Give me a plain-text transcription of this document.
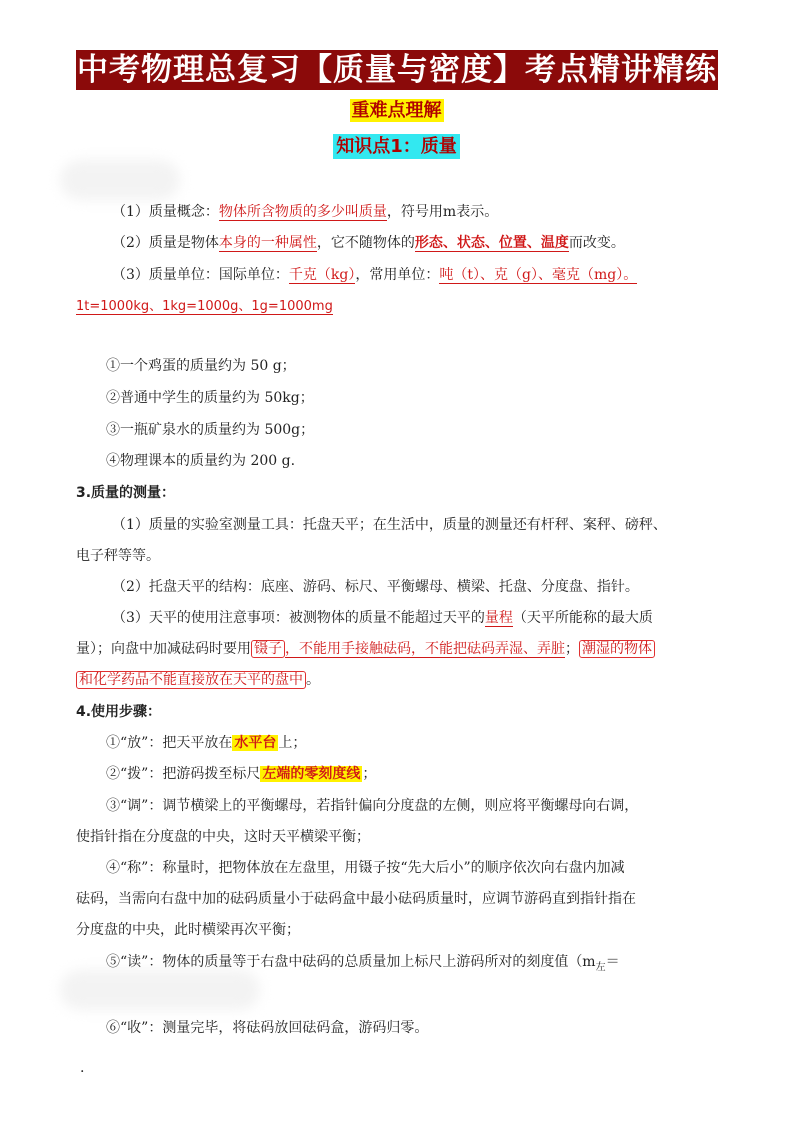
中考物理总复习【质量与密度】考点精讲精练
重难点理解
知识点1：质量
（1）质量概念：物体所含物质的多少叫质量，符号用m表示。
（2）质量是物体本身的一种属性，它不随物体的形态、状态、位置、温度而改变。
（3）质量单位：国际单位：千克（kg），常用单位：吨（t）、克（g）、毫克（mg）。
1t=1000kg、1kg=1000g、1g=1000mg
①一个鸡蛋的质量约为 50 g；
②普通中学生的质量约为 50kg；
③一瓶矿泉水的质量约为 500g；
④物理课本的质量约为 200 g.
3.质量的测量：
（1）质量的实验室测量工具：托盘天平；在生活中，质量的测量还有杆秤、案秤、磅秤、
电子秤等等。
（2）托盘天平的结构：底座、游码、标尺、平衡螺母、横梁、托盘、分度盘、指针。
（3）天平的使用注意事项：被测物体的质量不能超过天平的量程（天平所能称的最大质
量）；向盘中加减砝码时要用 镊子 ，不能用手接触砝码，不能把砝码弄湿、弄脏； 潮湿的物体
和化学药品不能直接放在天平的盘中 。
4.使用步骤：
①“放”：把天平放在 水平台 上；
②“拨”：把游码拨至标尺 左端的零刻度线 ；
③“调”：调节横梁上的平衡螺母，若指针偏向分度盘的左侧，则应将平衡螺母向右调，
使指针指在分度盘的中央，这时天平横梁平衡；
④“称”：称量时，把物体放在左盘里，用镊子按“先大后小”的顺序依次向右盘内加减
砝码，当需向右盘中加的砝码质量小于砝码盒中最小砝码质量时，应调节游码直到指针指在
分度盘的中央，此时横梁再次平衡；
⑤“读”：物体的质量等于右盘中砝码的总质量加上标尺上游码所对的刻度值（$m_左=$
⑥“收”：测量完毕，将砝码放回砝码盒，游码归零。
.
